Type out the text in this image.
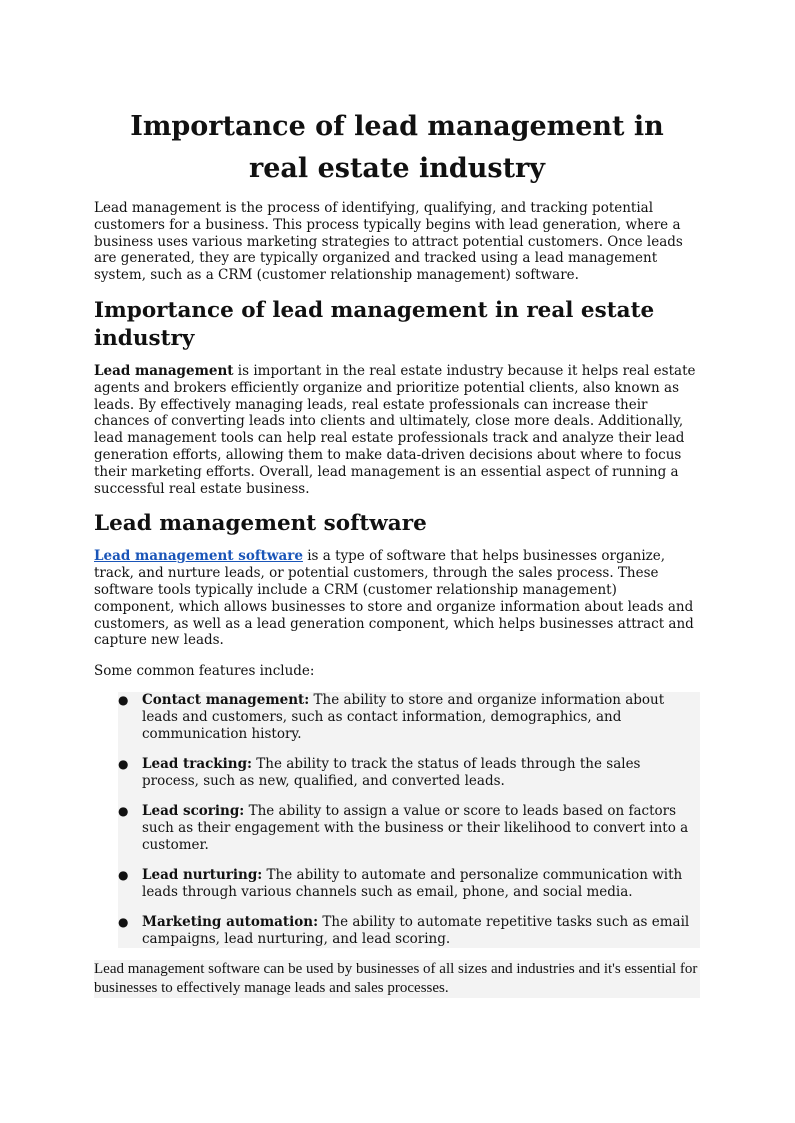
Importance of lead management in
real estate industry

Lead management is the process of identifying, qualifying, and tracking potential customers for a business. This process typically begins with lead generation, where a business uses various marketing strategies to attract potential customers. Once leads are generated, they are typically organized and tracked using a lead management system, such as a CRM (customer relationship management) software.

Importance of lead management in real estate industry

Lead management is important in the real estate industry because it helps real estate agents and brokers efficiently organize and prioritize potential clients, also known as leads. By effectively managing leads, real estate professionals can increase their chances of converting leads into clients and ultimately, close more deals. Additionally, lead management tools can help real estate professionals track and analyze their lead generation efforts, allowing them to make data-driven decisions about where to focus their marketing efforts. Overall, lead management is an essential aspect of running a successful real estate business.

Lead management software

Lead management software is a type of software that helps businesses organize, track, and nurture leads, or potential customers, through the sales process. These software tools typically include a CRM (customer relationship management) component, which allows businesses to store and organize information about leads and customers, as well as a lead generation component, which helps businesses attract and capture new leads.

Some common features include:

● Contact management: The ability to store and organize information about leads and customers, such as contact information, demographics, and communication history.
● Lead tracking: The ability to track the status of leads through the sales process, such as new, qualified, and converted leads.
● Lead scoring: The ability to assign a value or score to leads based on factors such as their engagement with the business or their likelihood to convert into a customer.
● Lead nurturing: The ability to automate and personalize communication with leads through various channels such as email, phone, and social media.
● Marketing automation: The ability to automate repetitive tasks such as email campaigns, lead nurturing, and lead scoring.

Lead management software can be used by businesses of all sizes and industries and it's essential for businesses to effectively manage leads and sales processes.
